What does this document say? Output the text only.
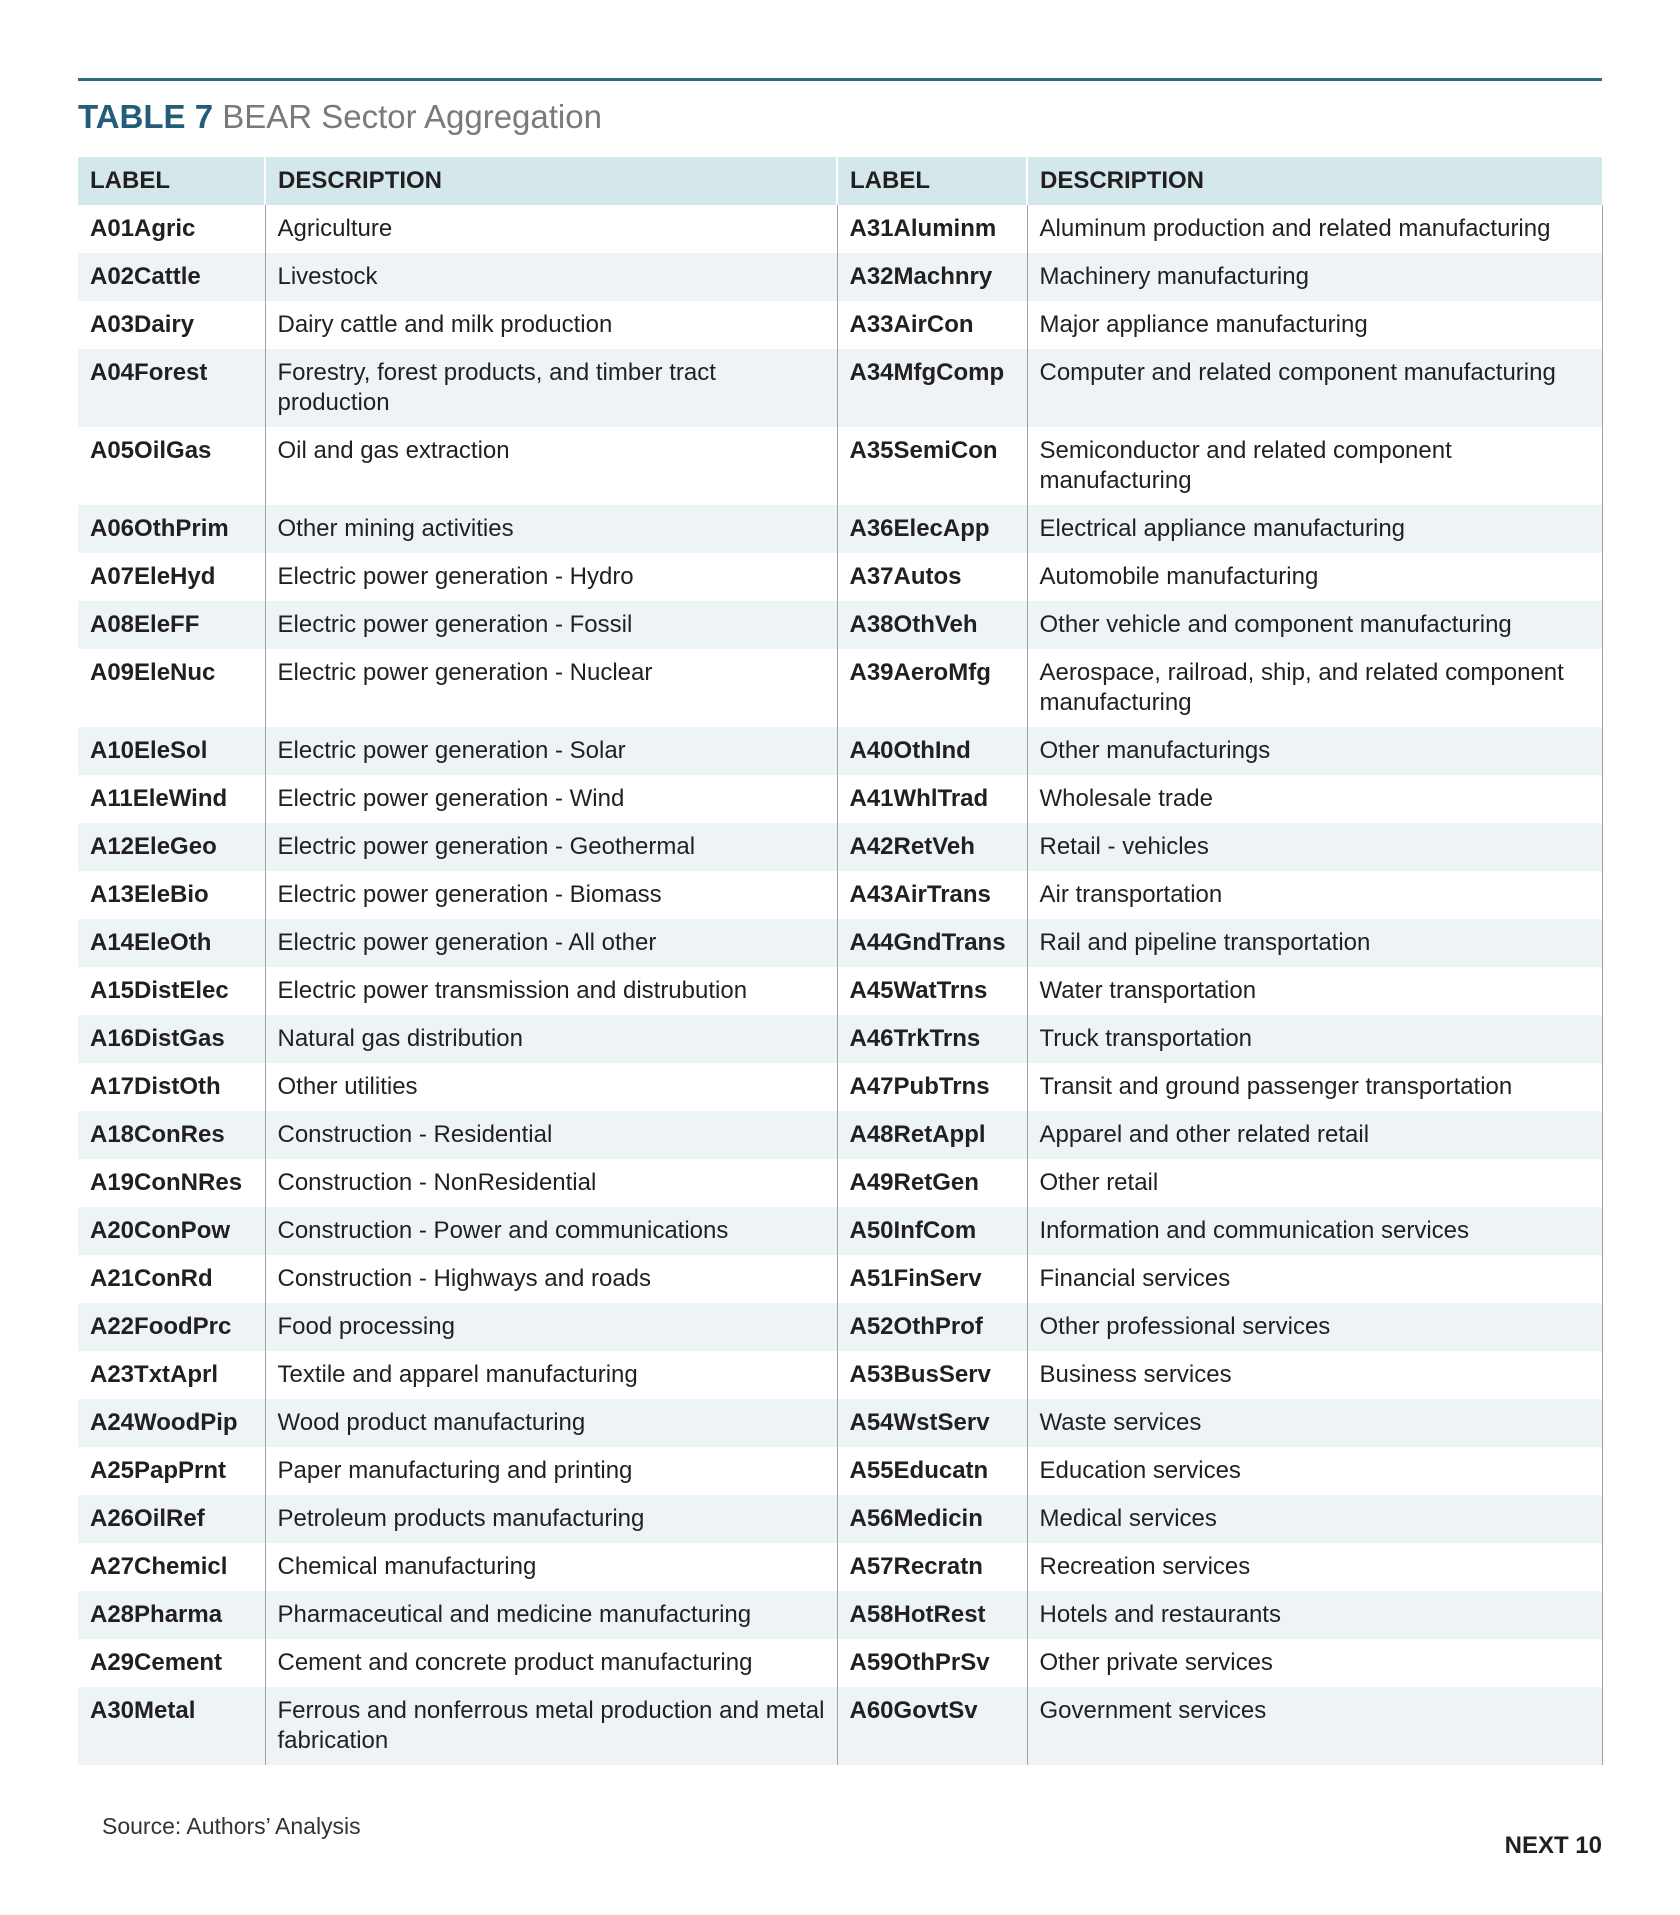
TABLE 7 BEAR Sector Aggregation
LABEL	DESCRIPTION	LABEL	DESCRIPTION
A01Agric	Agriculture	A31Aluminm	Aluminum production and related manufacturing
A02Cattle	Livestock	A32Machnry	Machinery manufacturing
A03Dairy	Dairy cattle and milk production	A33AirCon	Major appliance manufacturing
A04Forest	Forestry, forest products, and timber tract production	A34MfgComp	Computer and related component manufacturing
A05OilGas	Oil and gas extraction	A35SemiCon	Semiconductor and related component manufacturing
A06OthPrim	Other mining activities	A36ElecApp	Electrical appliance manufacturing
A07EleHyd	Electric power generation - Hydro	A37Autos	Automobile manufacturing
A08EleFF	Electric power generation - Fossil	A38OthVeh	Other vehicle and component manufacturing
A09EleNuc	Electric power generation - Nuclear	A39AeroMfg	Aerospace, railroad, ship, and related component manufacturing
A10EleSol	Electric power generation - Solar	A40OthInd	Other manufacturings
A11EleWind	Electric power generation - Wind	A41WhlTrad	Wholesale trade
A12EleGeo	Electric power generation - Geothermal	A42RetVeh	Retail - vehicles
A13EleBio	Electric power generation - Biomass	A43AirTrans	Air transportation
A14EleOth	Electric power generation - All other	A44GndTrans	Rail and pipeline transportation
A15DistElec	Electric power transmission and distrubution	A45WatTrns	Water transportation
A16DistGas	Natural gas distribution	A46TrkTrns	Truck transportation
A17DistOth	Other utilities	A47PubTrns	Transit and ground passenger transportation
A18ConRes	Construction - Residential	A48RetAppl	Apparel and other related retail
A19ConNRes	Construction - NonResidential	A49RetGen	Other retail
A20ConPow	Construction - Power and communications	A50InfCom	Information and communication services
A21ConRd	Construction - Highways and roads	A51FinServ	Financial services
A22FoodPrc	Food processing	A52OthProf	Other professional services
A23TxtAprl	Textile and apparel manufacturing	A53BusServ	Business services
A24WoodPip	Wood product manufacturing	A54WstServ	Waste services
A25PapPrnt	Paper manufacturing and printing	A55Educatn	Education services
A26OilRef	Petroleum products manufacturing	A56Medicin	Medical services
A27Chemicl	Chemical manufacturing	A57Recratn	Recreation services
A28Pharma	Pharmaceutical and medicine manufacturing	A58HotRest	Hotels and restaurants
A29Cement	Cement and concrete product manufacturing	A59OthPrSv	Other private services
A30Metal	Ferrous and nonferrous metal production and metal fabrication	A60GovtSv	Government services

Source: Authors’ Analysis

NEXT 10
